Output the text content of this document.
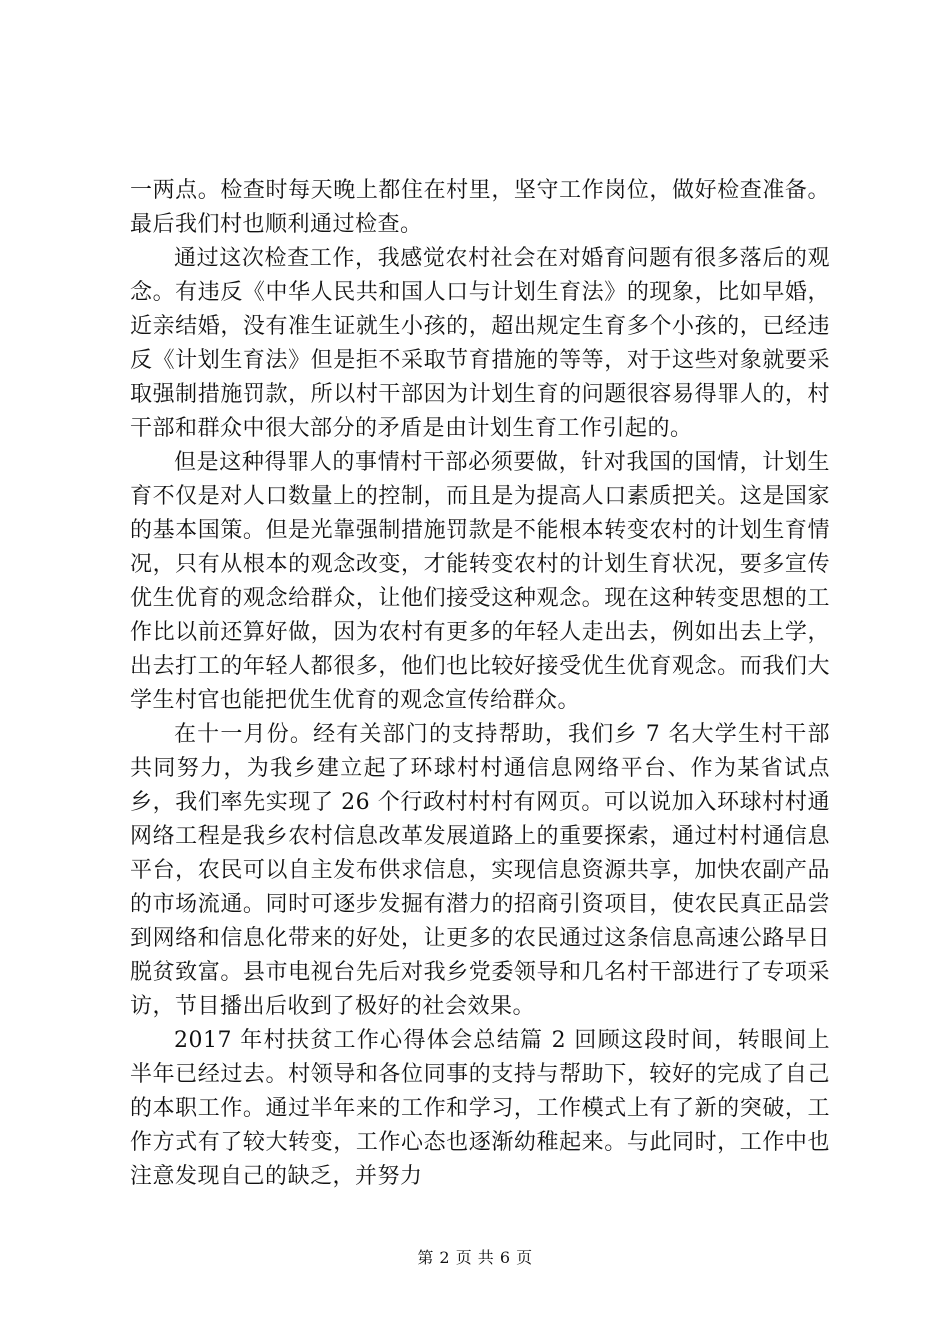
一两点。检查时每天晚上都住在村里，坚守工作岗位，做好检查准备。最后我们村也顺利通过检查。

通过这次检查工作，我感觉农村社会在对婚育问题有很多落后的观念。有违反《中华人民共和国人口与计划生育法》的现象，比如早婚，近亲结婚，没有准生证就生小孩的，超出规定生育多个小孩的，已经违反《计划生育法》但是拒不采取节育措施的等等，对于这些对象就要采取强制措施罚款，所以村干部因为计划生育的问题很容易得罪人的，村干部和群众中很大部分的矛盾是由计划生育工作引起的。

但是这种得罪人的事情村干部必须要做，针对我国的国情，计划生育不仅是对人口数量上的控制，而且是为提高人口素质把关。这是国家的基本国策。但是光靠强制措施罚款是不能根本转变农村的计划生育情况，只有从根本的观念改变，才能转变农村的计划生育状况，要多宣传优生优育的观念给群众，让他们接受这种观念。现在这种转变思想的工作比以前还算好做，因为农村有更多的年轻人走出去，例如出去上学，出去打工的年轻人都很多，他们也比较好接受优生优育观念。而我们大学生村官也能把优生优育的观念宣传给群众。

在十一月份。经有关部门的支持帮助，我们乡 7 名大学生村干部共同努力，为我乡建立起了环球村村通信息网络平台、作为某省试点乡，我们率先实现了 26 个行政村村村有网页。可以说加入环球村村通网络工程是我乡农村信息改革发展道路上的重要探索，通过村村通信息平台，农民可以自主发布供求信息，实现信息资源共享，加快农副产品的市场流通。同时可逐步发掘有潜力的招商引资项目，使农民真正品尝到网络和信息化带来的好处，让更多的农民通过这条信息高速公路早日脱贫致富。县市电视台先后对我乡党委领导和几名村干部进行了专项采访，节目播出后收到了极好的社会效果。

2017 年村扶贫工作心得体会总结篇 2 回顾这段时间，转眼间上半年已经过去。村领导和各位同事的支持与帮助下，较好的完成了自己的本职工作。通过半年来的工作和学习，工作模式上有了新的突破，工作方式有了较大转变，工作心态也逐渐幼稚起来。与此同时，工作中也注意发现自己的缺乏，并努力

第 2 页 共 6 页
